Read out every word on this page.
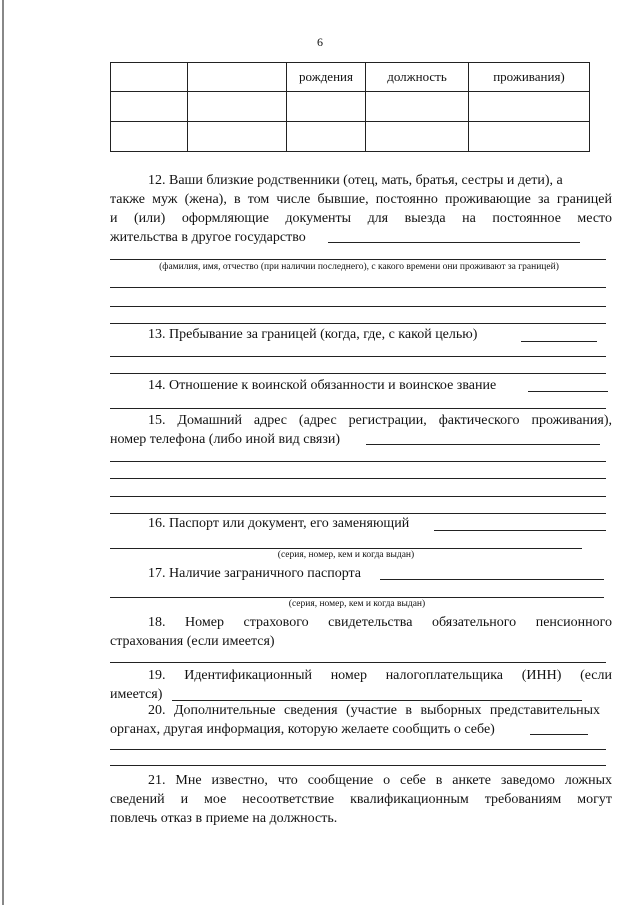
6
		рождения	должность	проживания)

12. Ваши близкие родственники (отец, мать, братья, сестры и дети), а

также муж (жена), в том числе бывшие, постоянно проживающие за границей

и (или) оформляющие документы для выезда на постоянное место

жительства в другое государство

(фамилия, имя, отчество (при наличии последнего), с какого времени они проживают за границей)

13. Пребывание за границей (когда, где, с какой целью)

14. Отношение к воинской обязанности и воинское звание

15. Домашний адрес (адрес регистрации, фактического проживания),

номер телефона (либо иной вид связи)

16. Паспорт или документ, его заменяющий

(серия, номер, кем и когда выдан)

17. Наличие заграничного паспорта

(серия, номер, кем и когда выдан)

18. Номер страхового свидетельства обязательного пенсионного

страхования (если имеется)

19. Идентификационный номер налогоплательщика (ИНН) (если

имеется)

20. Дополнительные сведения (участие в выборных представительных

органах, другая информация, которую желаете сообщить о себе)

21. Мне известно, что сообщение о себе в анкете заведомо ложных

сведений и мое несоответствие квалификационным требованиям могут

повлечь отказ в приеме на должность.
